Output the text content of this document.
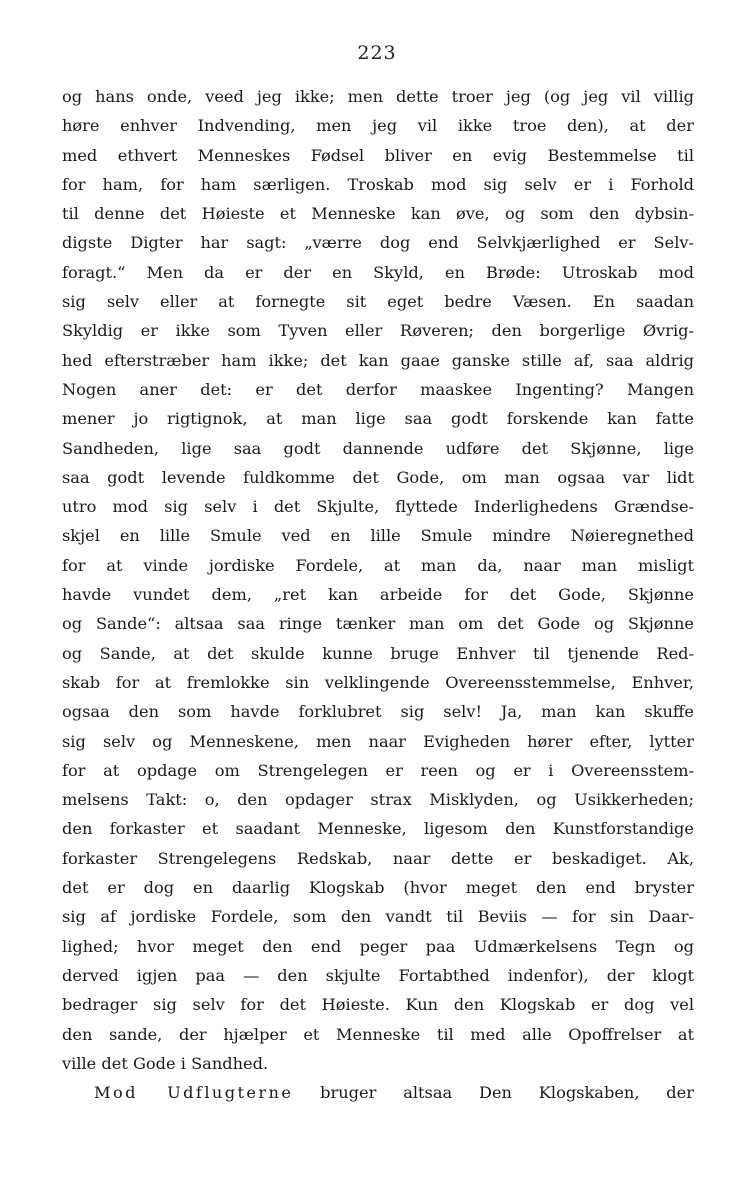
223
og hans onde, veed jeg ikke; men dette troer jeg (og jeg vil villig
høre enhver Indvending, men jeg vil ikke troe den), at der
med ethvert Menneskes Fødsel bliver en evig Bestemmelse til
for ham, for ham særligen. Troskab mod sig selv er i Forhold
til denne det Høieste et Menneske kan øve, og som den dybsin-
digste Digter har sagt: „værre dog end Selvkjærlighed er Selv-
foragt.“ Men da er der en Skyld, en Brøde: Utroskab mod
sig selv eller at fornegte sit eget bedre Væsen. En saadan
Skyldig er ikke som Tyven eller Røveren; den borgerlige Øvrig-
hed efterstræber ham ikke; det kan gaae ganske stille af, saa aldrig
Nogen aner det: er det derfor maaskee Ingenting? Mangen
mener jo rigtignok, at man lige saa godt forskende kan fatte
Sandheden, lige saa godt dannende udføre det Skjønne, lige
saa godt levende fuldkomme det Gode, om man ogsaa var lidt
utro mod sig selv i det Skjulte, flyttede Inderlighedens Grændse-
skjel en lille Smule ved en lille Smule mindre Nøieregnethed
for at vinde jordiske Fordele, at man da, naar man misligt
havde vundet dem, „ret kan arbeide for det Gode, Skjønne
og Sande“: altsaa saa ringe tænker man om det Gode og Skjønne
og Sande, at det skulde kunne bruge Enhver til tjenende Red-
skab for at fremlokke sin velklingende Overeensstemmelse, Enhver,
ogsaa den som havde forklubret sig selv! Ja, man kan skuffe
sig selv og Menneskene, men naar Evigheden hører efter, lytter
for at opdage om Strengelegen er reen og er i Overeensstem-
melsens Takt: o, den opdager strax Misklyden, og Usikkerheden;
den forkaster et saadant Menneske, ligesom den Kunstforstandige
forkaster Strengelegens Redskab, naar dette er beskadiget. Ak,
det er dog en daarlig Klogskab (hvor meget den end bryster
sig af jordiske Fordele, som den vandt til Beviis — for sin Daar-
lighed; hvor meget den end peger paa Udmærkelsens Tegn og
derved igjen paa — den skjulte Fortabthed indenfor), der klogt
bedrager sig selv for det Høieste. Kun den Klogskab er dog vel
den sande, der hjælper et Menneske til med alle Opoffrelser at
ville det Gode i Sandhed.
Mod Udflugterne bruger altsaa Den Klogskaben, der
